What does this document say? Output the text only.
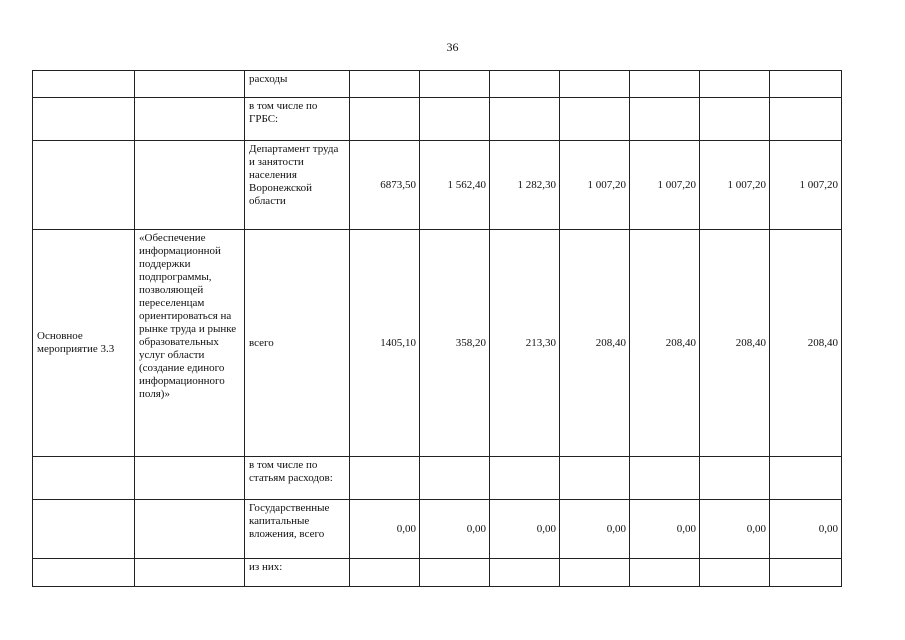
36
		расходы							
		в том числе по ГРБС:							
		Департамент труда и занятости населения Воронежской области	6873,50	1 562,40	1 282,30	1 007,20	1 007,20	1 007,20	1 007,20
Основное мероприятие 3.3	«Обеспечение информационной поддержки подпрограммы, позволяющей переселенцам ориентироваться на рынке труда и рынке образовательных услуг области (создание единого информационного поля)»	всего	1405,10	358,20	213,30	208,40	208,40	208,40	208,40
		в том числе по статьям расходов:							
		Государственные капитальные вложения, всего	0,00	0,00	0,00	0,00	0,00	0,00	0,00
		из них:							
